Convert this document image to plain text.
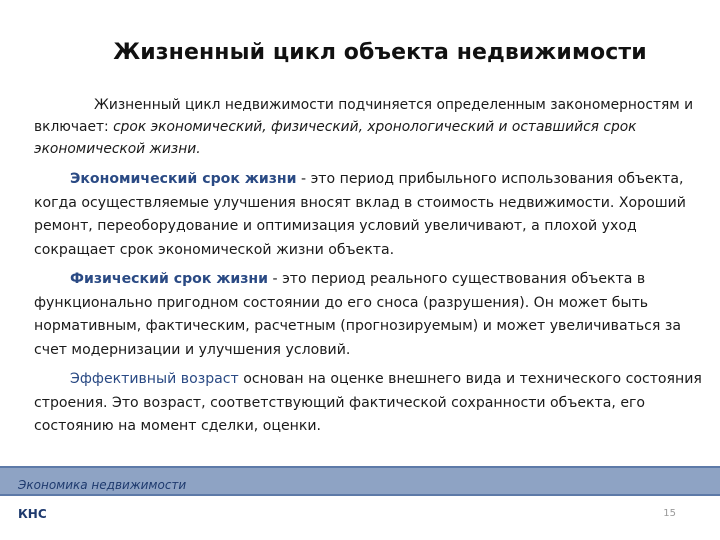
Жизненный цикл объекта недвижимости

Жизненный цикл недвижимости подчиняется определенным закономерностям и включает: срок экономический, физический, хронологический и оставшийся срок экономической жизни.

Экономический срок жизни - это период прибыльного использования объекта, когда осуществляемые улучшения вносят вклад в стоимость недвижимости. Хороший ремонт, переоборудование и оптимизация условий увеличивают, а плохой уход сокращает срок экономической жизни объекта.

Физический срок жизни - это период реального существования объекта в функционально пригодном состоянии до его сноса (разрушения). Он может быть нормативным, фактическим, расчетным (прогнозируемым) и может увеличиваться за счет модернизации и улучшения условий.

Эффективный возраст основан на оценке внешнего вида и технического состояния строения. Это возраст, соответствующий фактической сохранности объекта, его состоянию на момент сделки, оценки.

Экономика недвижимости
КНС	15
